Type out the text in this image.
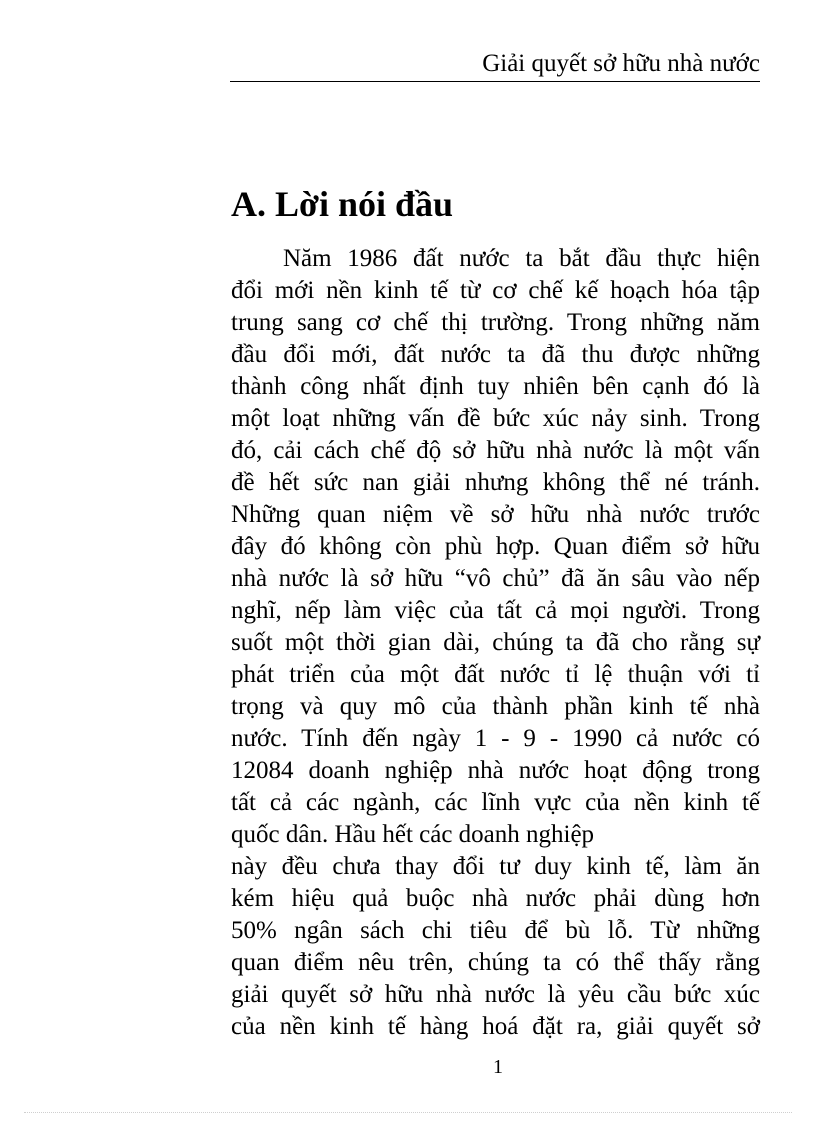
Giải quyết sở hữu nhà nước
A. Lời nói đầu
Năm 1986 đất nước ta bắt đầu thực hiện
đổi mới nền kinh tế từ cơ chế kế hoạch hóa tập
trung sang cơ chế thị trường. Trong những năm
đầu đổi mới, đất nước ta đã thu được những
thành công nhất định tuy nhiên bên cạnh đó là
một loạt những vấn đề bức xúc nảy sinh. Trong
đó, cải cách chế độ sở hữu nhà nước là một vấn
đề hết sức nan giải nhưng không thể né tránh.
Những quan niệm về sở hữu nhà nước trước
đây đó không còn phù hợp. Quan điểm sở hữu
nhà nước là sở hữu “vô chủ” đã ăn sâu vào nếp
nghĩ, nếp làm việc của tất cả mọi người. Trong
suốt một thời gian dài, chúng ta đã cho rằng sự
phát triển của một đất nước tỉ lệ thuận với tỉ
trọng và quy mô của thành phần kinh tế nhà
nước. Tính đến ngày 1 - 9 - 1990 cả nước có
12084 doanh nghiệp nhà nước hoạt động trong
tất cả các ngành, các lĩnh vực của nền kinh tế
quốc dân. Hầu hết các doanh nghiệp
này đều chưa thay đổi tư duy kinh tế, làm ăn
kém hiệu quả buộc nhà nước phải dùng hơn
50% ngân sách chi tiêu để bù lỗ. Từ những
quan điểm nêu trên, chúng ta có thể thấy rằng
giải quyết sở hữu nhà nước là yêu cầu bức xúc
của nền kinh tế hàng hoá đặt ra, giải quyết sở
1
